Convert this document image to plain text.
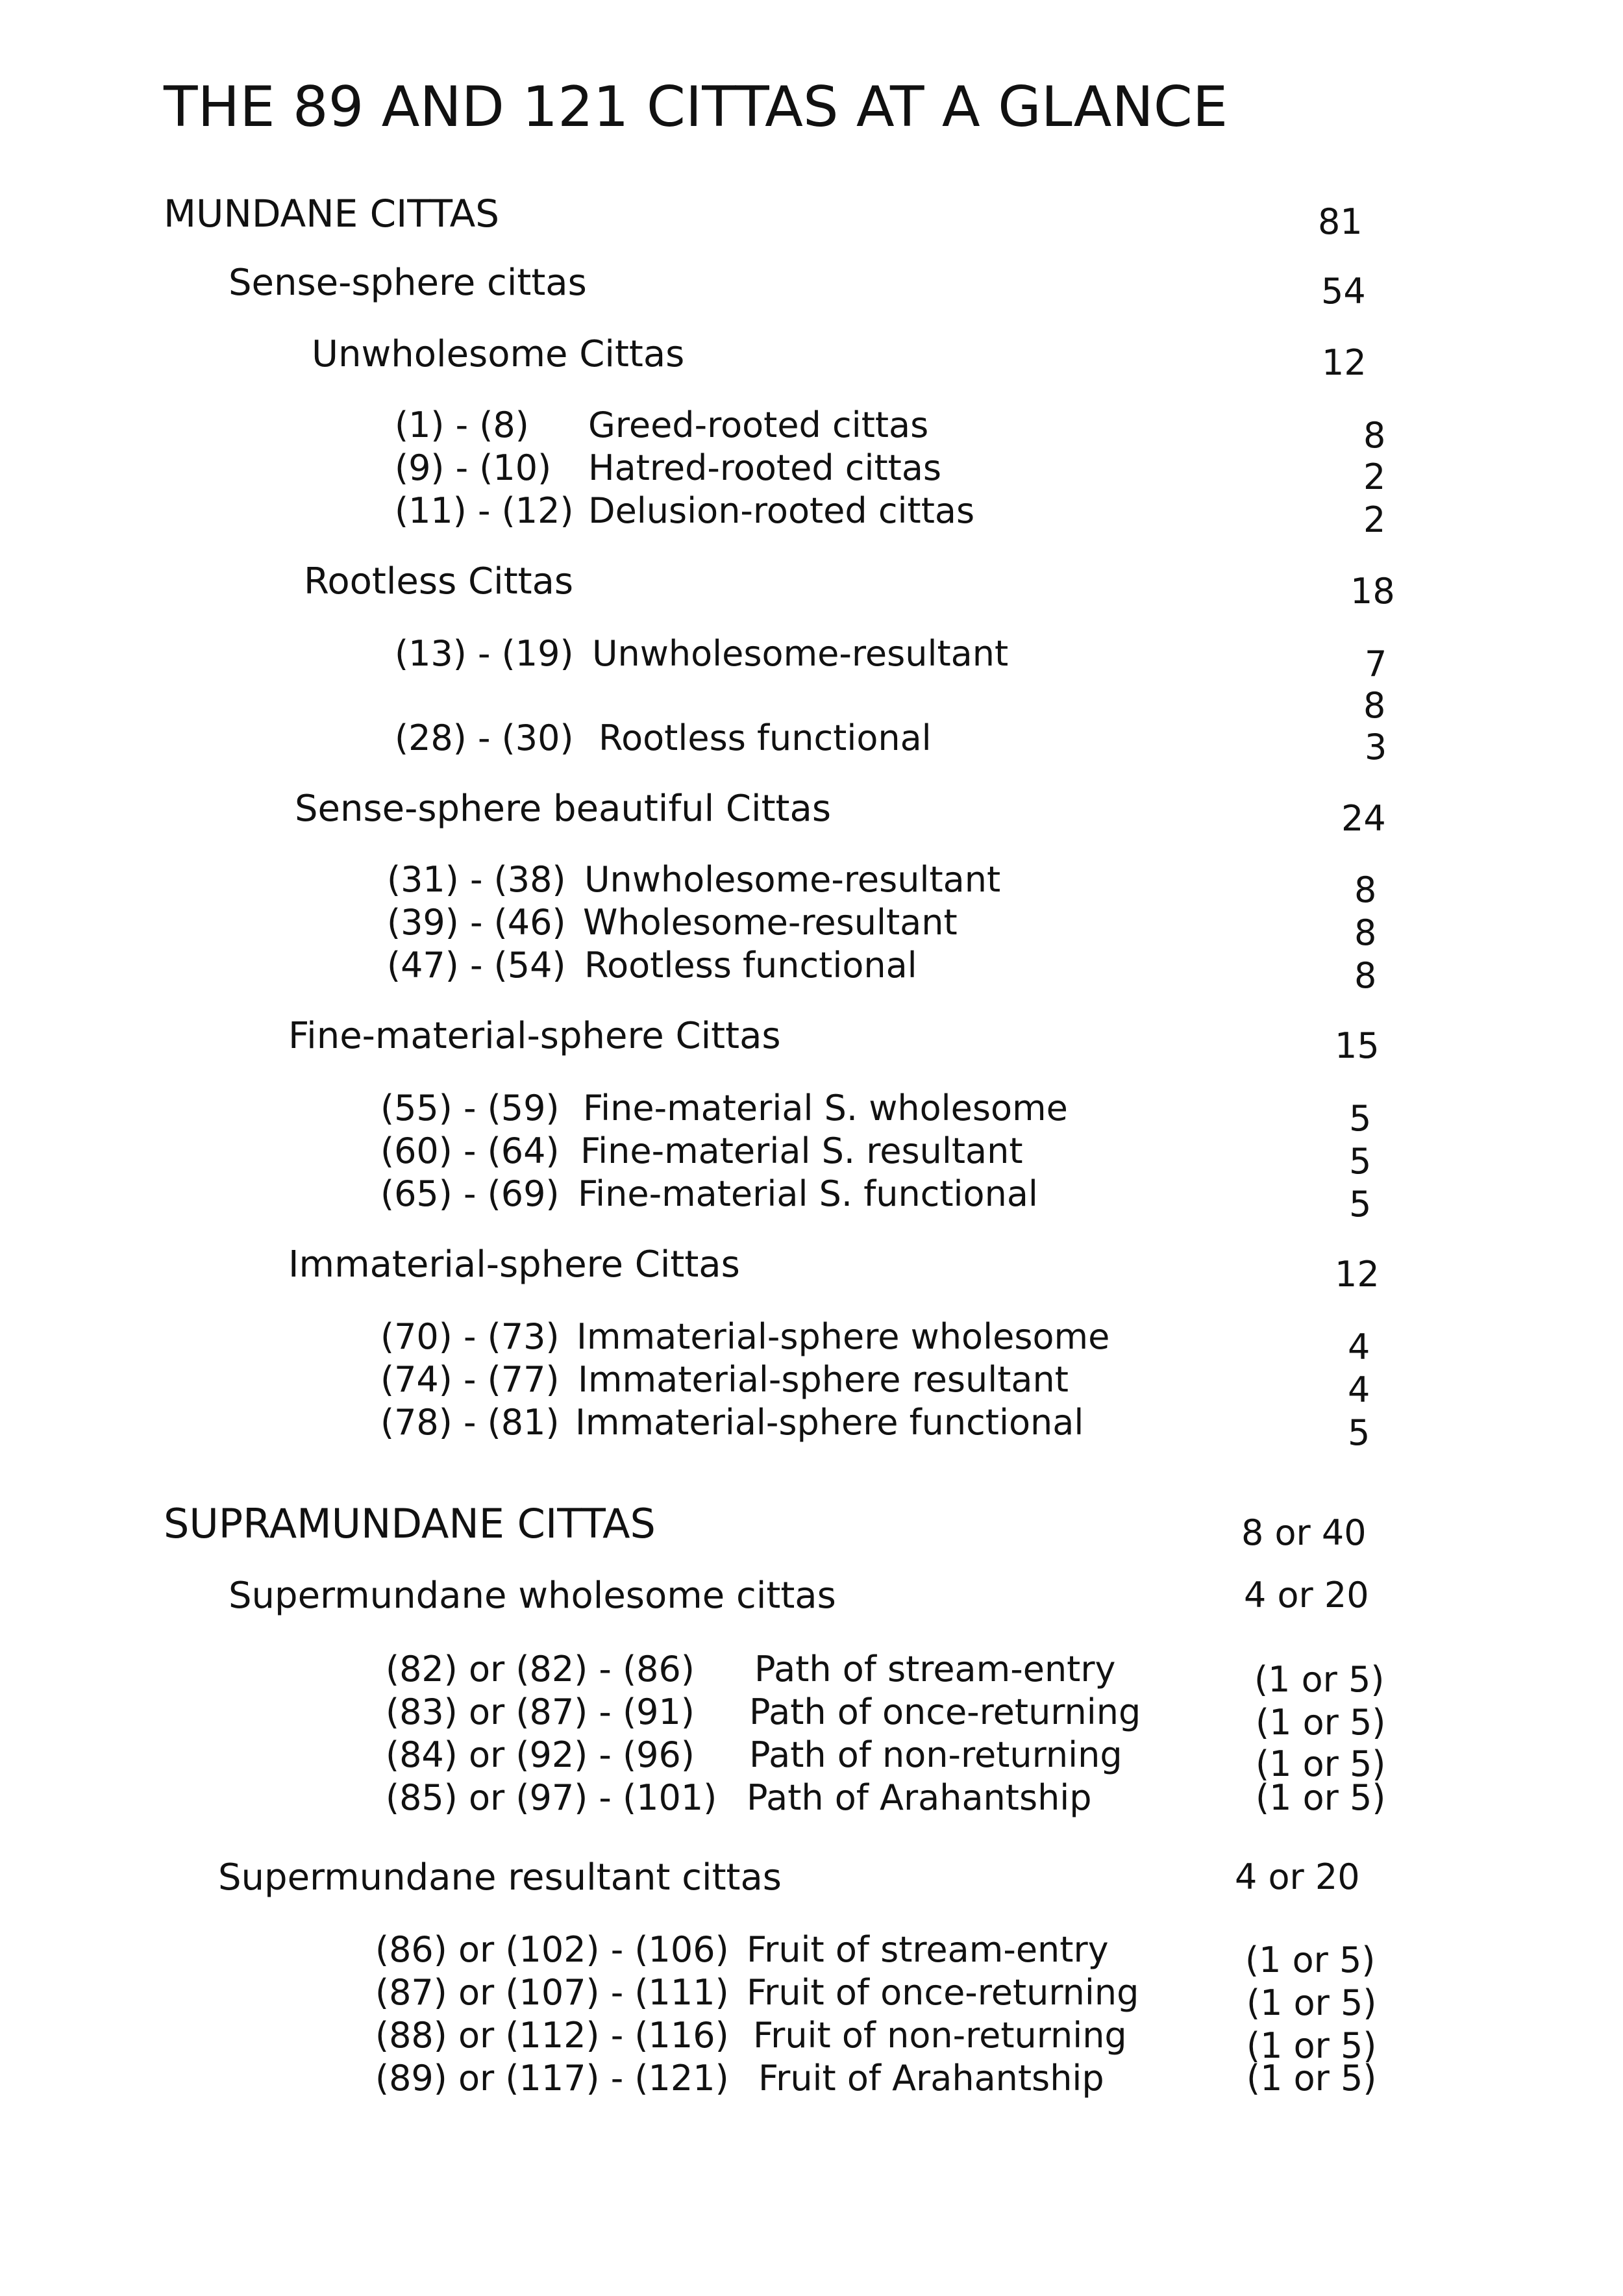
THE 89 AND 121 CITTAS AT A GLANCE
MUNDANE CITTAS	81
Sense-sphere cittas	54
Unwholesome Cittas	12
(1) - (8) Greed-rooted cittas	8
(9) - (10) Hatred-rooted cittas	2
(11) - (12) Delusion-rooted cittas	2
Rootless Cittas	18
(13) - (19) Unwholesome-resultant	7
8
(28) - (30) Rootless functional	3
Sense-sphere beautiful Cittas	24
(31) - (38) Unwholesome-resultant	8
(39) - (46) Wholesome-resultant	8
(47) - (54) Rootless functional	8
Fine-material-sphere Cittas	15
(55) - (59) Fine-material S. wholesome	5
(60) - (64) Fine-material S. resultant	5
(65) - (69) Fine-material S. functional	5
Immaterial-sphere Cittas	12
(70) - (73) Immaterial-sphere wholesome	4
(74) - (77) Immaterial-sphere resultant	4
(78) - (81) Immaterial-sphere functional	5
SUPRAMUNDANE CITTAS	8 or 40
Supermundane wholesome cittas	4 or 20
(82) or (82) - (86) Path of stream-entry	(1 or 5)
(83) or (87) - (91) Path of once-returning	(1 or 5)
(84) or (92) - (96) Path of non-returning	(1 or 5)
(85) or (97) - (101) Path of Arahantship	(1 or 5)
Supermundane resultant cittas	4 or 20
(86) or (102) - (106) Fruit of stream-entry	(1 or 5)
(87) or (107) - (111) Fruit of once-returning	(1 or 5)
(88) or (112) - (116) Fruit of non-returning	(1 or 5)
(89) or (117) - (121) Fruit of Arahantship	(1 or 5)
